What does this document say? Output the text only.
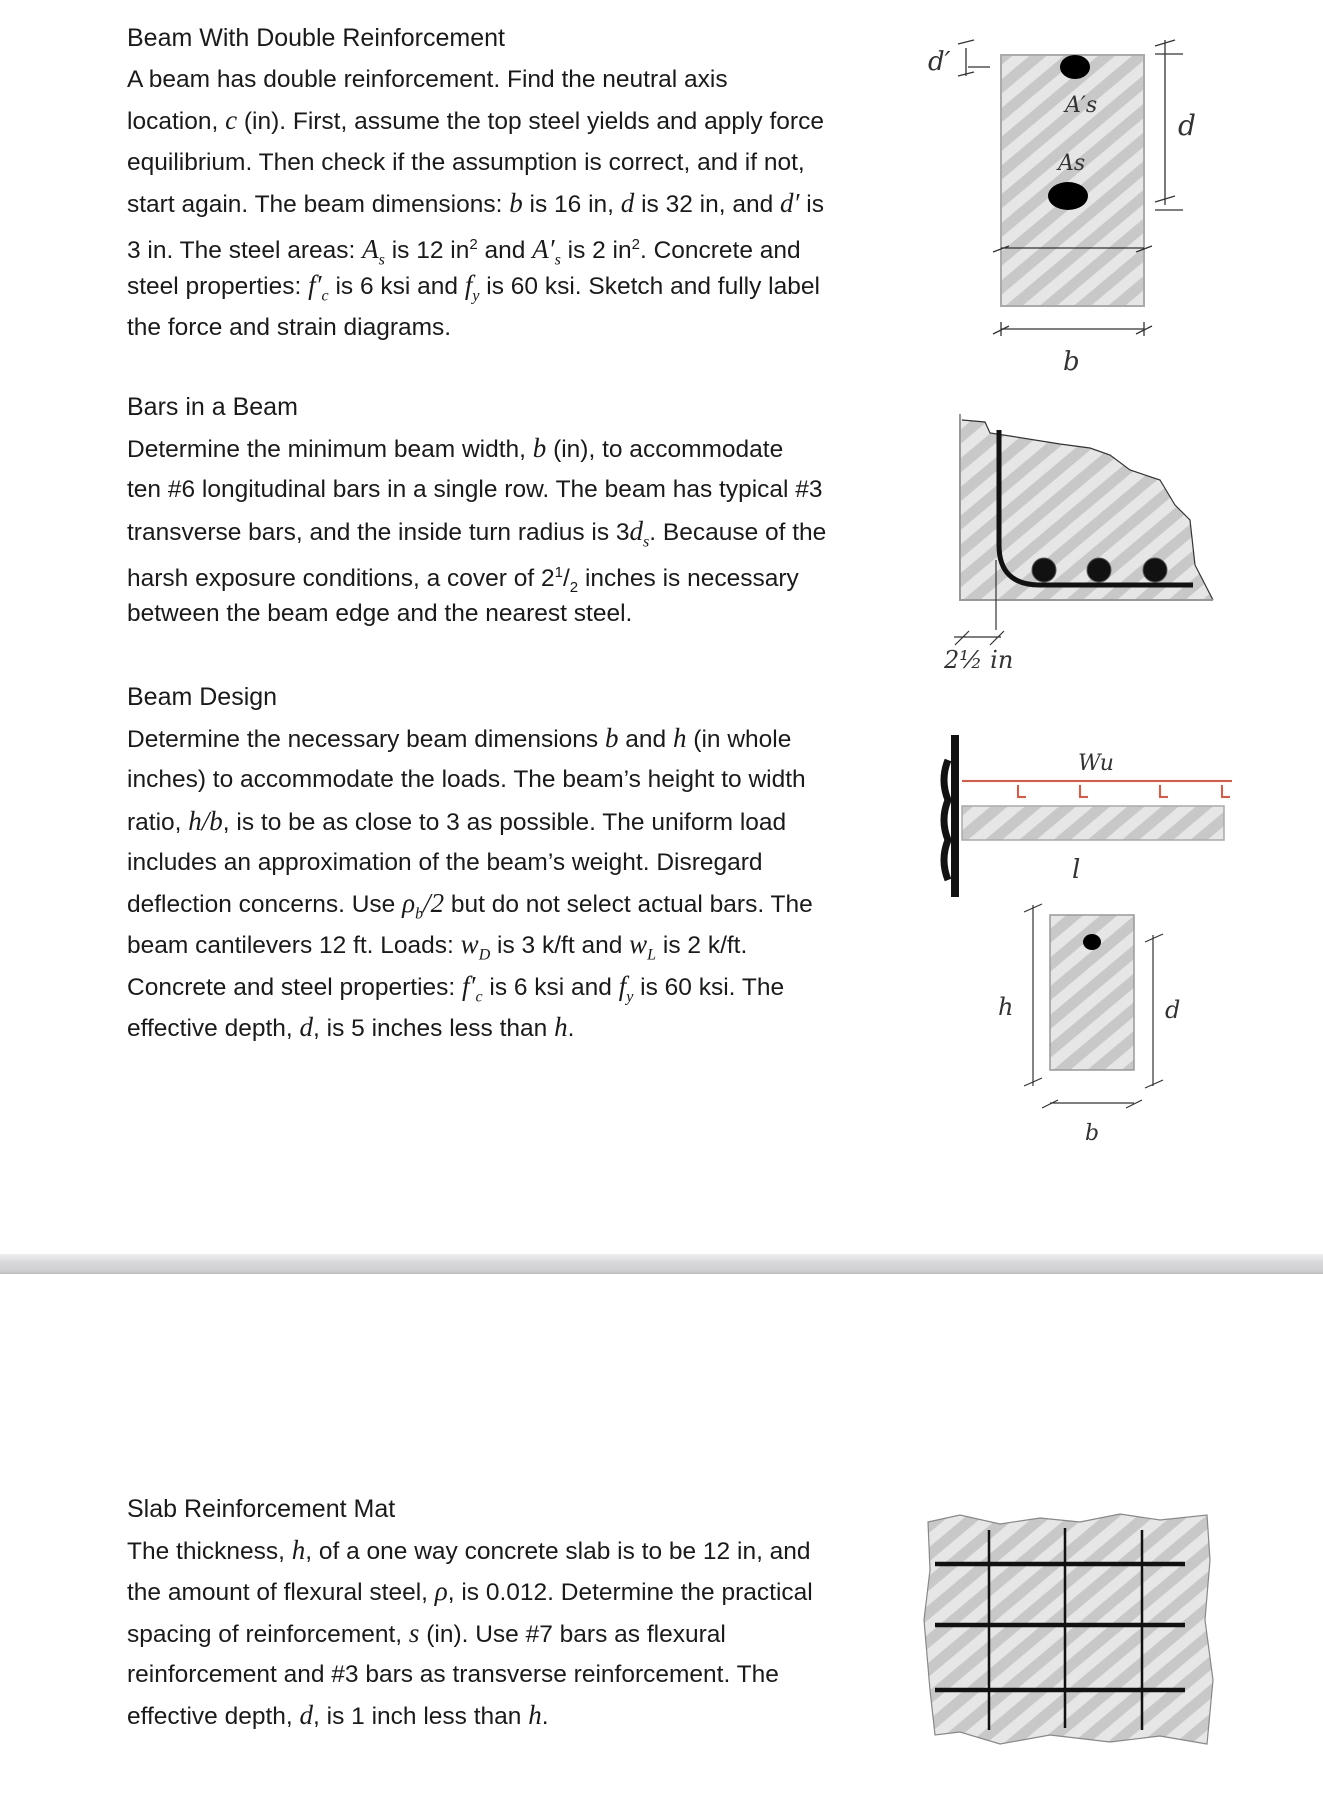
Beam With Double Reinforcement
A beam has double reinforcement. Find the neutral axis
location, c (in). First, assume the top steel yields and apply force
equilibrium. Then check if the assumption is correct, and if not,
start again. The beam dimensions: b is 16 in, d is 32 in, and d′ is
3 in. The steel areas: $A_s$ is 12 $in^2$ and $A'_s$ is 2 $in^2$. Concrete and
steel properties: $f'_c$ is 6 ksi and $f_y$ is 60 ksi. Sketch and fully label
the force and strain diagrams.
Bars in a Beam
Determine the minimum beam width, b (in), to accommodate
ten #6 longitudinal bars in a single row. The beam has typical #3
transverse bars, and the inside turn radius is $3d_s$. Because of the
harsh exposure conditions, a cover of $2^1/_2$ inches is necessary
between the beam edge and the nearest steel.
Beam Design
Determine the necessary beam dimensions b and h (in whole
inches) to accommodate the loads. The beam’s height to width
ratio, h/b, is to be as close to 3 as possible. The uniform load
includes an approximation of the beam’s weight. Disregard
deflection concerns. Use $\rho_b/2$ but do not select actual bars. The
beam cantilevers 12 ft. Loads: $w_D$ is 3 k/ft and $w_L$ is 2 k/ft.
Concrete and steel properties: $f'_c$ is 6 ksi and $f_y$ is 60 ksi. The
effective depth, d, is 5 inches less than h.
Slab Reinforcement Mat
The thickness, h, of a one way concrete slab is to be 12 in, and
the amount of flexural steel, ρ, is 0.012. Determine the practical
spacing of reinforcement, s (in). Use #7 bars as flexural
reinforcement and #3 bars as transverse reinforcement. The
effective depth, d, is 1 inch less than h.
d′
A′s
As
d
b
2½ in
Wu
l
h	d
b
